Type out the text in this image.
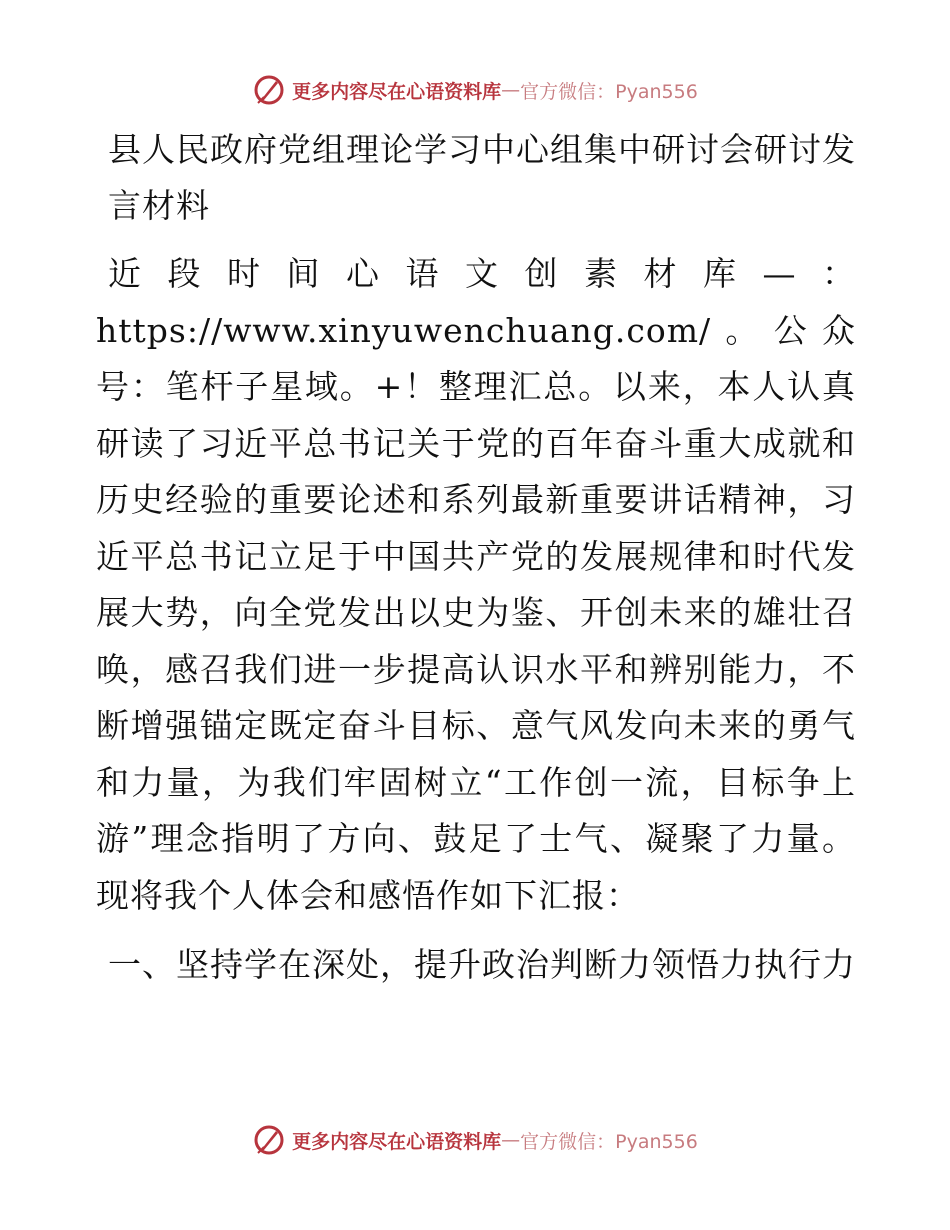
更多内容尽在心语资料库 — 官方微信：Pyan556
县人民政府党组理论学习中心组集中研讨会研讨发言材料

近段时间心语文创素材库—：https://www.xinyuwenchuang.com/。公众号：笔杆子星域。+！整理汇总。以来，本人认真研读了习近平总书记关于党的百年奋斗重大成就和历史经验的重要论述和系列最新重要讲话精神，习近平总书记立足于中国共产党的发展规律和时代发展大势，向全党发出以史为鉴、开创未来的雄壮召唤，感召我们进一步提高认识水平和辨别能力，不断增强锚定既定奋斗目标、意气风发向未来的勇气和力量，为我们牢固树立“工作创一流，目标争上游”理念指明了方向、鼓足了士气、凝聚了力量。现将我个人体会和感悟作如下汇报：

一、坚持学在深处，提升政治判断力领悟力执行力
更多内容尽在心语资料库 — 官方微信：Pyan556
